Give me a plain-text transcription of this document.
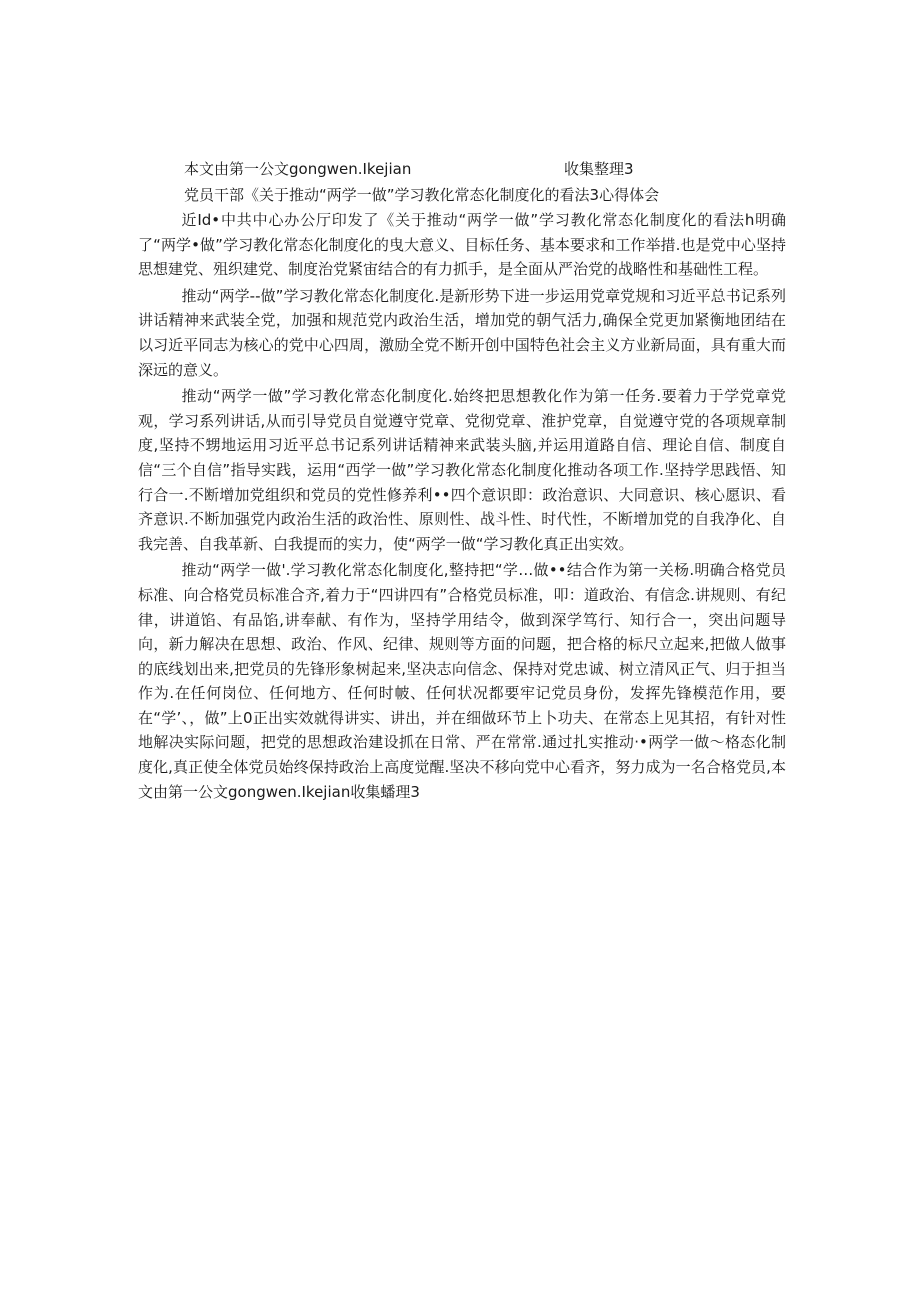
本文由第一公文gongwen.Ikejian	收集整理3

党员干部《关于推动“两学一做”学习教化常态化制度化的看法3心得体会

近Id•中共中心办公厅印发了《关于推动“两学一做”学习教化常态化制度化的看法h明确了“两学•做”学习教化常态化制度化的曳大意义、目标任务、基本要求和工作举措.也是党中心坚持思想建党、殂织建党、制度治党紧宙结合的有力抓手，是全面从严治党的战略性和基础性工程。

推动“两学--做”学习教化常态化制度化.是新形势下进一步运用党章党规和习近平总书记系列讲话精神来武装全党，加强和规范党内政治生活，增加党的朝气活力,确保全党更加紧衡地团结在以习近平同志为核心的党中心四周，激励全党不断开创中国特色社会主义方业新局面，具有重大而深远的意义。

推动“两学一做”学习教化常态化制度化.始终把思想教化作为第一任务.要着力于学党章党观，学习系列讲话,从而引导党员自觉遵守党章、党彻党章、淮护党章，自觉遵守党的各项规章制度,坚持不甥地运用习近平总书记系列讲话精神来武装头脑,并运用道路自信、理论自信、制度自信“三个自信”指导实践，运用“西学一做”学习教化常态化制度化推动各项工作.坚持学思践悟、知行合一.不断增加党组织和党员的党性修养利••四个意识即：政治意识、大同意识、核心愿识、看齐意识.不断加强党内政治生活的政治性、原则性、战斗性、时代性，不断增加党的自我净化、自我完善、自我革新、白我提而的实力，使“两学一做“学习教化真正出实效。

推动“两学一做'.学习教化常态化制度化,整持把“学…做••结合作为第一关杨.明确合格党员标准、向合格党员标准合齐,着力于“四讲四有”合格党员标准，叩：道政治、有信念.讲规则、有纪律，讲道馅、有品馅,讲奉献、有作为，坚持学用结令，做到深学笃行、知行合一，突出问题导向，新力解决在思想、政治、作风、纪律、规则等方面的问题，把合格的标尺立起来,把做人做事的底线划出来,把党员的先锋形象树起来,坚决志向信念、保持对党忠诚、树立清风正气、归于担当作为.在任何岗位、任何地方、任何时帔、任何状况都要牢记党员身份，发挥先锋模范作用，要在“学’、，做”上0正出实效就得讲实、讲出，并在细做环节上卜功夫、在常态上见其招，有针对性地解决实际问题，把党的思想政治建设抓在日常、严在常常.通过扎实推动·•两学一做〜格态化制度化,真正使全体党员始终保持政治上高度觉醒.坚决不移向党中心看齐，努力成为一名合格党员,本文由第一公文gongwen.Ikejian收集蟠理3
